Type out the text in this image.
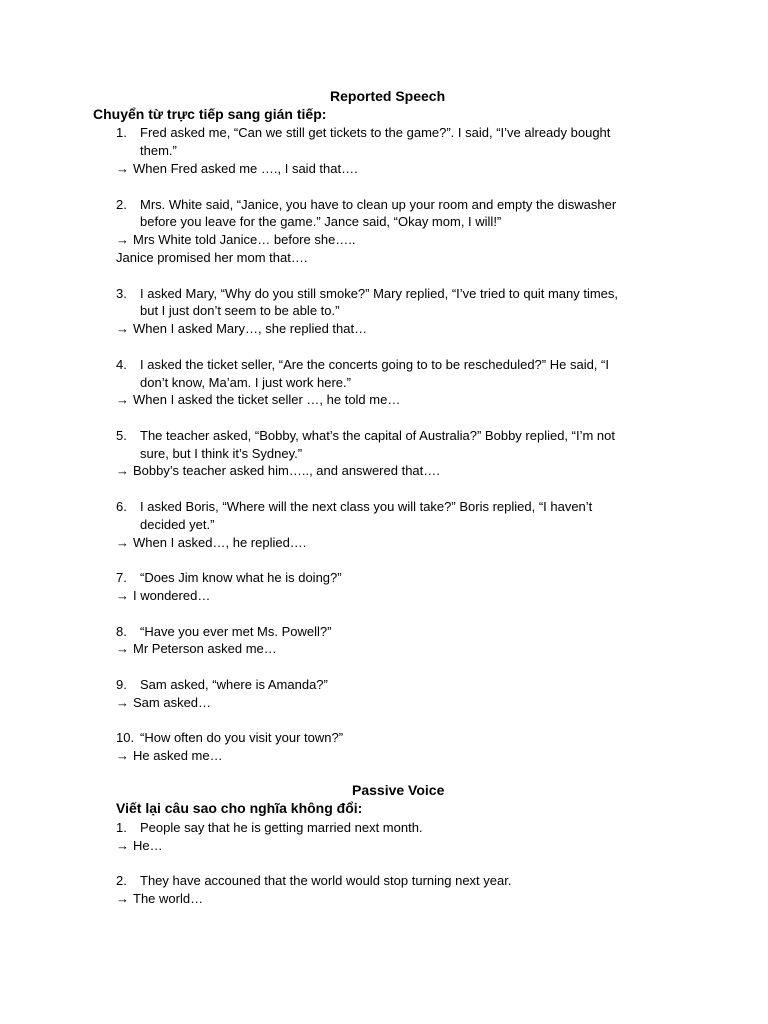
Reported Speech
Chuyển từ trực tiếp sang gián tiếp:
1. Fred asked me, “Can we still get tickets to the game?”. I said, “I’ve already bought
them.”
→ When Fred asked me …., I said that….
2. Mrs. White said, “Janice, you have to clean up your room and empty the diswasher
before you leave for the game.” Jance said, “Okay mom, I will!”
→ Mrs White told Janice… before she…..
Janice promised her mom that….
3. I asked Mary, “Why do you still smoke?” Mary replied, “I’ve tried to quit many times,
but I just don’t seem to be able to.”
→ When I asked Mary…, she replied that…
4. I asked the ticket seller, “Are the concerts going to to be rescheduled?” He said, “I
don’t know, Ma’am. I just work here.”
→ When I asked the ticket seller …, he told me…
5. The teacher asked, “Bobby, what’s the capital of Australia?” Bobby replied, “I’m not
sure, but I think it’s Sydney.”
→ Bobby’s teacher asked him….., and answered that….
6. I asked Boris, “Where will the next class you will take?” Boris replied, “I haven’t
decided yet.”
→ When I asked…, he replied….
7. “Does Jim know what he is doing?”
→ I wondered…
8. “Have you ever met Ms. Powell?”
→ Mr Peterson asked me…
9. Sam asked, “where is Amanda?”
→ Sam asked…
10. “How often do you visit your town?”
→ He asked me…
Passive Voice
Viết lại câu sao cho nghĩa không đổi:
1. People say that he is getting married next month.
→ He…
2. They have accouned that the world would stop turning next year.
→ The world…
